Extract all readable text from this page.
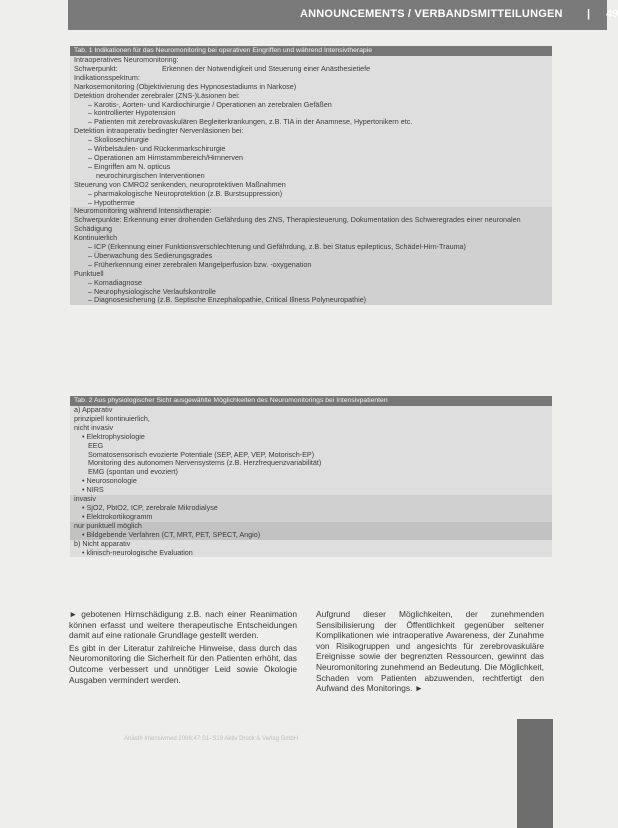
ANNOUNCEMENTS / VERBANDSMITTEILUNGEN | 49
Tab. 1 Indikationen für das Neuromonitoring bei operativen Eingriffen und während Intensivtherapie
Intraoperatives Neuromonitoring:
Schwerpunkt:	Erkennen der Notwendigkeit und Steuerung einer Anästhesietiefe
Indikationsspektrum:
Narkosemonitoring (Objektivierung des Hypnosestadiums in Narkose)
Detektion drohender zerebraler (ZNS-)Läsionen bei:
– Karotis-, Aorten- und Kardiochirurgie / Operationen an zerebralen Gefäßen
– kontrollierter Hypotension
– Patienten mit zerebrovaskulären Begleiterkrankungen, z.B. TIA in der Anamnese, Hypertonikern etc.
Detektion intraoperativ bedingter Nervenläsionen bei:
– Skoliosechirurgie
– Wirbelsäulen- und Rückenmarkschirurgie
– Operationen am Hirnstammbereich/Hirnnerven
– Eingriffen am N. opticus
neurochirurgischen Interventionen
Steuerung von CMRO2 senkenden, neuroprotektiven Maßnahmen
– pharmakologische Neuroprotektion (z.B. Burstsuppression)
– Hypothermie
Neuromonitoring während Intensivtherapie:
Schwerpunkte: Erkennung einer drohenden Gefährdung des ZNS, Therapiesteuerung, Dokumentation des Schweregrades einer neuronalen Schädigung
Kontinuierlich
– ICP (Erkennung einer Funktionsverschlechterung und Gefährdung, z.B. bei Status epilepticus, Schädel-Hirn-Trauma)
– Überwachung des Sedierungsgrades
– Früherkennung einer zerebralen Mangelperfusion bzw. -oxygenation
Punktuell
– Komadiagnose
– Neurophysiologische Verlaufskontrolle
– Diagnosesicherung (z.B. Septische Enzephalopathie, Critical Illness Polyneuropathie)
Tab. 2 Aus physiologischer Sicht ausgewählte Möglichkeiten des Neuromonitorings bei Intensivpatienten
a) Apparativ
prinzipiell kontinuierlich,
nicht invasiv
• Elektrophysiologie
EEG
Somatosensorisch evozierte Potentiale (SEP, AEP, VEP, Motorisch-EP)
Monitoring des autonomen Nervensystems (z.B. Herzfrequenzvariabilität)
EMG (spontan und evoziert)
• Neurosonologie
• NIRS
invasiv
• SjO2, PbtO2, ICP, zerebrale Mikrodialyse
• Elektrokortikogramm
nur punktuell möglich
• Bildgebende Verfahren (CT, MRT, PET, SPECT, Angio)
b) Nicht apparativ
• klinisch-neurologische Evaluation

► gebotenen Hirnschädigung z.B. nach einer Reanimation können erfasst und weitere therapeutische Entscheidungen damit auf eine rationale Grundlage gestellt werden.

Es gibt in der Literatur zahlreiche Hinweise, dass durch das Neuromonitoring die Sicherheit für den Patienten erhöht, das Outcome verbessert und unnötiger Leid sowie Ökologie Ausgaben vermindert werden.

Aufgrund dieser Möglichkeiten, der zunehmenden Sensibilisierung der Öffentlichkeit gegenüber seltener Komplikationen wie intraoperative Awareness, der Zunahme von Risikogruppen und angesichts für zerebrovaskuläre Ereignisse sowie der begrenzten Ressourcen, gewinnt das Neuromonitoring zunehmend an Bedeutung. Die Möglichkeit, Schaden vom Patienten abzuwenden, rechtfertigt den Aufwand des Monitorings. ►

Anästh Intensivmed 2006;47:S1–S19 Aktiv Druck & Verlag GmbH
